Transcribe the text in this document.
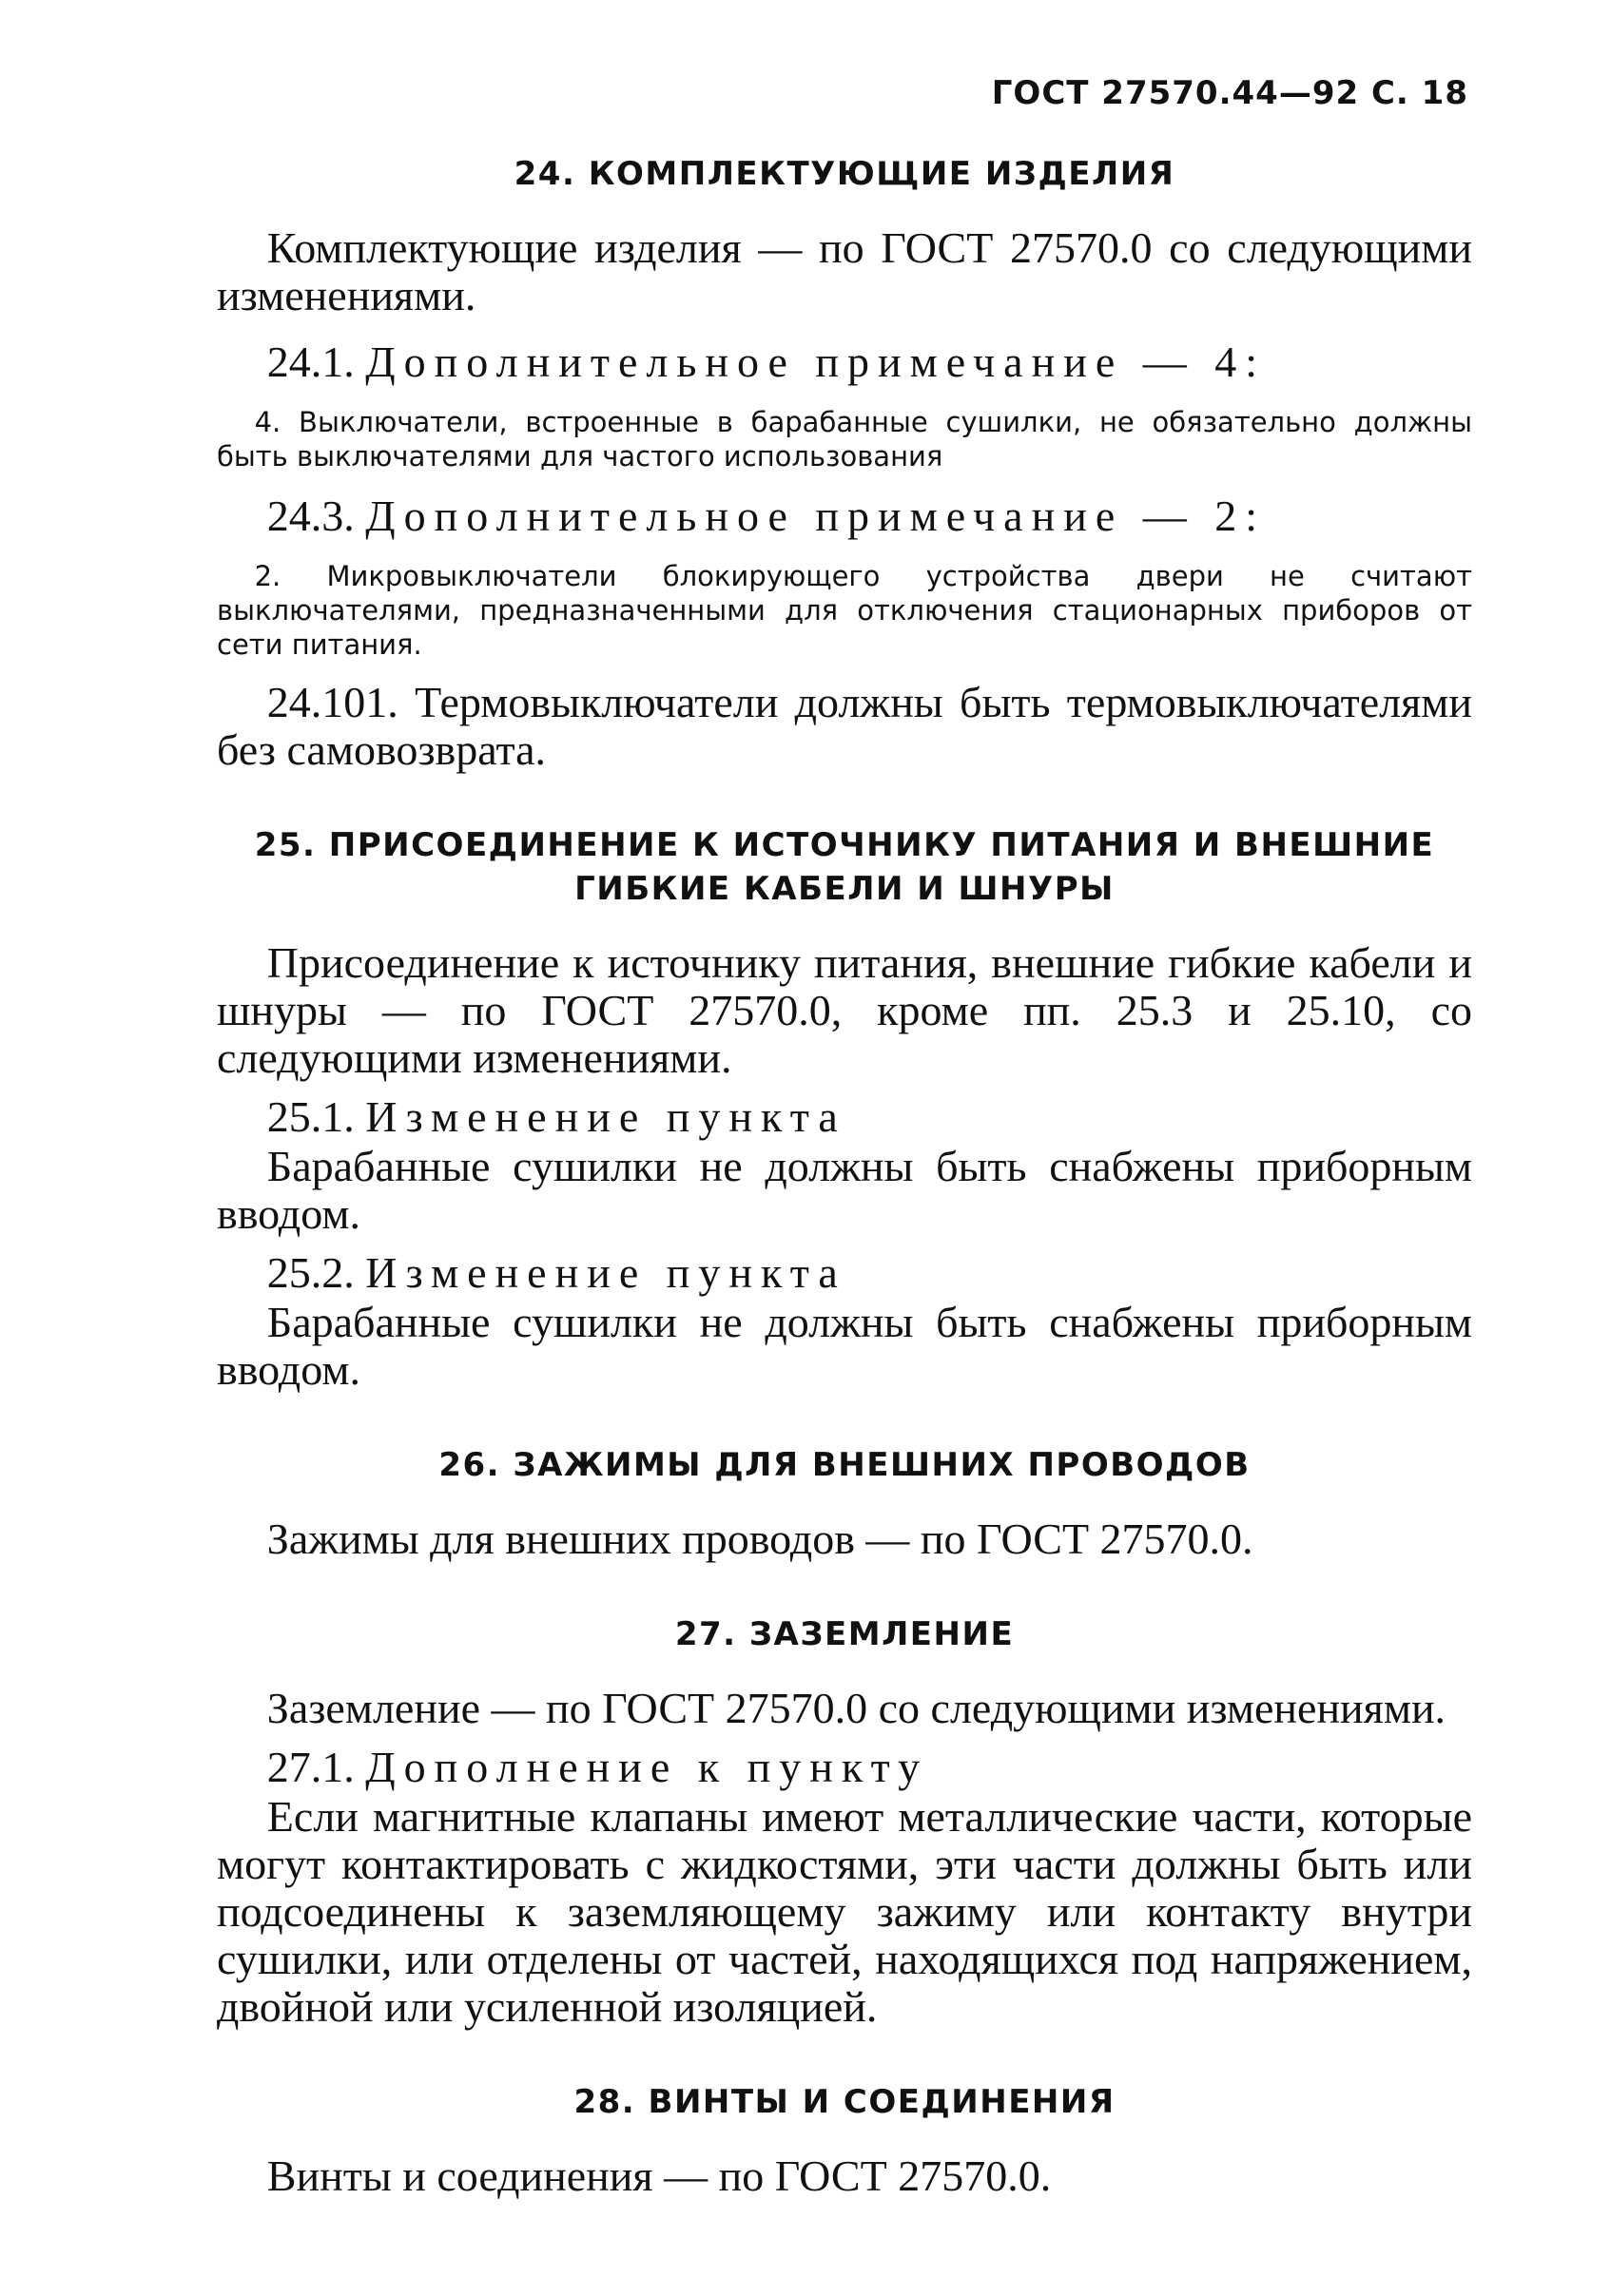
ГОСТ 27570.44—92 С. 18
24. КОМПЛЕКТУЮЩИЕ ИЗДЕЛИЯ

Комплектующие изделия — по ГОСТ 27570.0 со следующими изменениями.

24.1. Дополнительное примечание — 4:

4. Выключатели, встроенные в барабанные сушилки, не обязательно должны быть выключателями для частого использования

24.3. Дополнительное примечание — 2:

2. Микровыключатели блокирующего устройства двери не считают выключателями, предназначенными для отключения стационарных приборов от сети питания.

24.101. Термовыключатели должны быть термовыключателями без самовозврата.

25. ПРИСОЕДИНЕНИЕ К ИСТОЧНИКУ ПИТАНИЯ И ВНЕШНИЕ
ГИБКИЕ КАБЕЛИ И ШНУРЫ

Присоединение к источнику питания, внешние гибкие кабели и шнуры — по ГОСТ 27570.0, кроме пп. 25.3 и 25.10, со следующими изменениями.

25.1. Изменение пункта

Барабанные сушилки не должны быть снабжены приборным вводом.

25.2. Изменение пункта

Барабанные сушилки не должны быть снабжены приборным вводом.

26. ЗАЖИМЫ ДЛЯ ВНЕШНИХ ПРОВОДОВ

Зажимы для внешних проводов — по ГОСТ 27570.0.

27. ЗАЗЕМЛЕНИЕ

Заземление — по ГОСТ 27570.0 со следующими изменениями.

27.1. Дополнение к пункту

Если магнитные клапаны имеют металлические части, которые могут контактировать с жидкостями, эти части должны быть или подсоединены к заземляющему зажиму или контакту внутри сушилки, или отделены от частей, находящихся под напряжением, двойной или усиленной изоляцией.

28. ВИНТЫ И СОЕДИНЕНИЯ

Винты и соединения — по ГОСТ 27570.0.
